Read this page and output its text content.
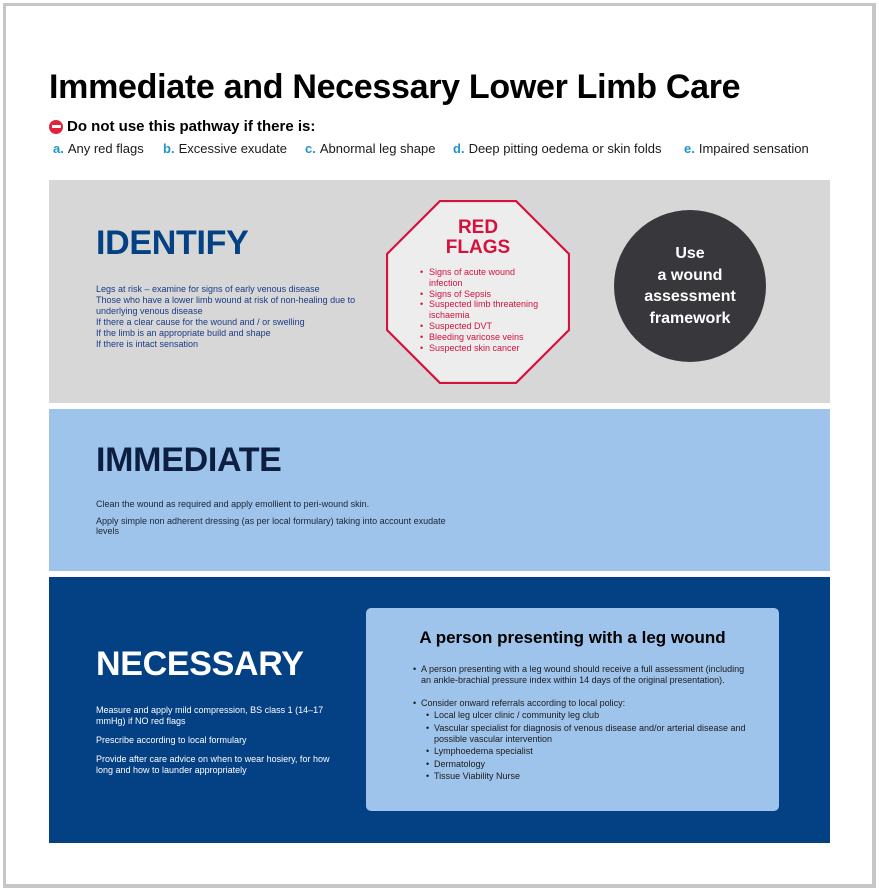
Immediate and Necessary Lower Limb Care
Do not use this pathway if there is:
a. Any red flags b. Excessive exudate c. Abnormal leg shape d. Deep pitting oedema or skin folds e. Impaired sensation
IDENTIFY
Legs at risk – examine for signs of early venous disease
Those who have a lower limb wound at risk of non-healing due to underlying venous disease
If there a clear cause for the wound and / or swelling
If the limb is an appropriate build and shape
If there is intact sensation
RED
FLAGS
• Signs of acute wound infection
• Signs of Sepsis
• Suspected limb threatening ischaemia
• Suspected DVT
• Bleeding varicose veins
• Suspected skin cancer
Use
a wound
assessment
framework
IMMEDIATE

Clean the wound as required and apply emollient to peri-wound skin.

Apply simple non adherent dressing (as per local formulary) taking into account exudate levels

NECESSARY

Measure and apply mild compression, BS class 1 (14–17 mmHg) if NO red flags

Prescribe according to local formulary

Provide after care advice on when to wear hosiery, for how long and how to launder appropriately

A person presenting with a leg wound
• A person presenting with a leg wound should receive a full assessment (including an ankle-brachial pressure index within 14 days of the original presentation).
• Consider onward referrals according to local policy:
• Local leg ulcer clinic / community leg club
• Vascular specialist for diagnosis of venous disease and/or arterial disease and possible vascular intervention
• Lymphoedema specialist
• Dermatology
• Tissue Viability Nurse
